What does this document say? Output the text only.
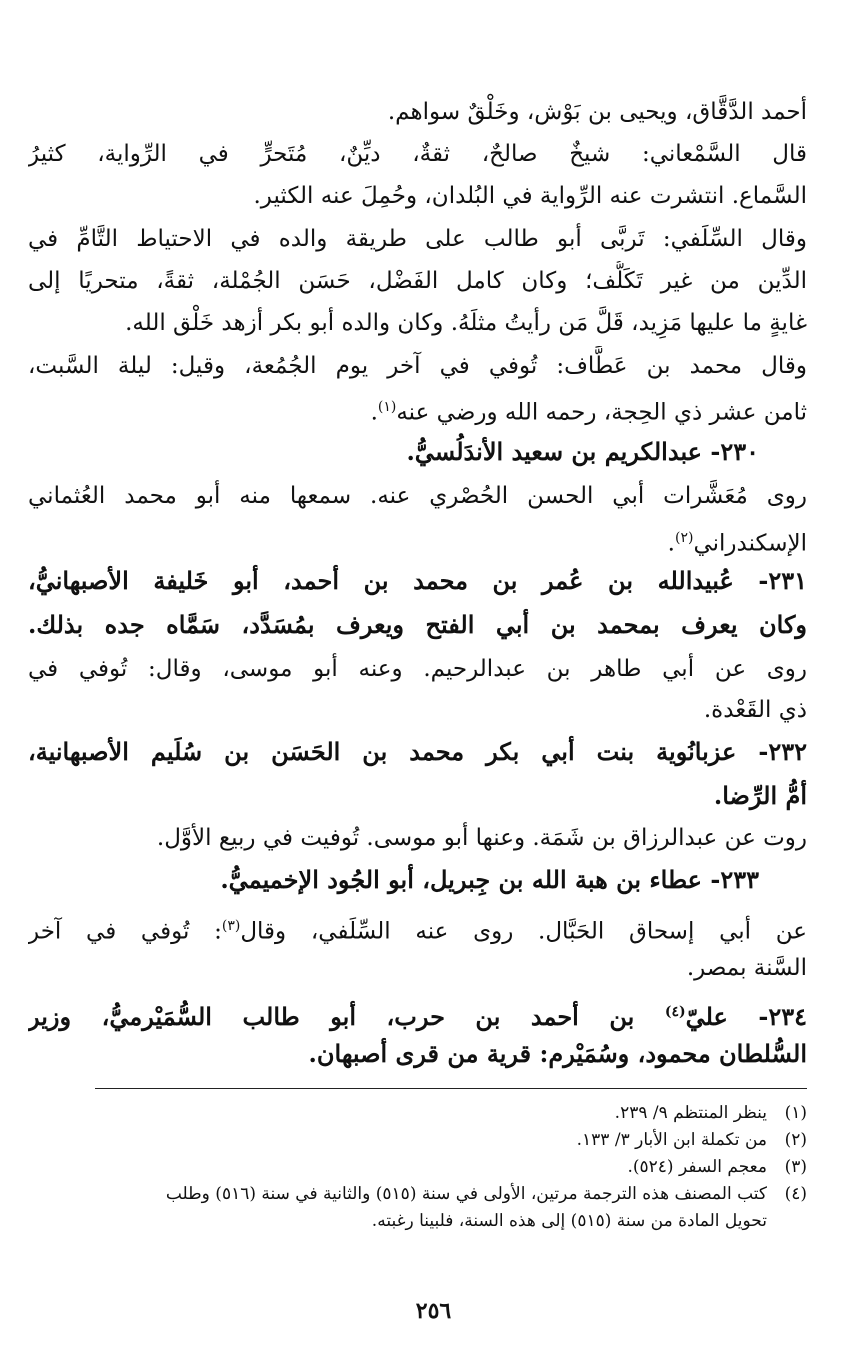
أحمد الدَّقَّاق، ويحيى بن بَوْش، وخَلْقٌ سواهم.
قال السَّمْعاني: شيخٌ صالحٌ، ثقةٌ، ديِّنٌ، مُتَحرٍّ في الرِّواية، كثيرُ
السَّماع. انتشرت عنه الرِّواية في البُلدان، وحُمِلَ عنه الكثير.
وقال السِّلَفي: تَربَّى أبو طالب على طريقة والده في الاحتياط التَّامِّ في
الدِّين من غير تَكَلُّف؛ وكان كامل الفَضْل، حَسَن الجُمْلة، ثقةً، متحريًا إلى
غايةٍ ما عليها مَزِيد، قَلَّ مَن رأيتُ مثلَهُ. وكان والده أبو بكر أزهد خَلْق الله.
وقال محمد بن عَطَّاف: تُوفي في آخر يوم الجُمُعة، وقيل: ليلة السَّبت،
ثامن عشر ذي الحِجة، رحمه الله ورضي عنه$^{(١)}$.
٢٣٠- عبدالكريم بن سعيد الأندَلُسيُّ.
روى مُعَشَّرات أبي الحسن الحُصْري عنه. سمعها منه أبو محمد العُثماني
الإسكندراني$^{(٢)}$.
٢٣١- عُبيدالله بن عُمر بن محمد بن أحمد، أبو خَليفة الأصبهانيُّ،
وكان يعرف بمحمد بن أبي الفتح ويعرف بمُسَدَّد، سَمَّاه جده بذلك.
روى عن أبي طاهر بن عبدالرحيم. وعنه أبو موسى، وقال: تُوفي في
ذي القَعْدة.
٢٣٢- عزبانُوية بنت أبي بكر محمد بن الحَسَن بن سُلَيم الأصبهانية،
أمُّ الرِّضا.
روت عن عبدالرزاق بن شَمَة. وعنها أبو موسى. تُوفيت في ربيع الأوَّل.
٢٣٣- عطاء بن هبة الله بن جِبريل، أبو الجُود الإخميميُّ.
عن أبي إسحاق الحَبَّال. روى عنه السِّلَفي، وقال$^{(٣)}$: تُوفي في آخر
السَّنة بمصر.
٢٣٤- عليّ$^{(٤)}$ بن أحمد بن حرب، أبو طالب السُّمَيْرميُّ، وزير
السُّلطان محمود، وسُمَيْرم: قرية من قرى أصبهان.
(١)ينظر المنتظم ٩/ ٢٣٩.
(٢)من تكملة ابن الأبار ٣/ ١٣٣.
(٣)معجم السفر (٥٢٤).
(٤)كتب المصنف هذه الترجمة مرتين، الأولى في سنة (٥١٥) والثانية في سنة (٥١٦) وطلب
تحويل المادة من سنة (٥١٥) إلى هذه السنة، فلبينا رغبته.
٢٥٦
